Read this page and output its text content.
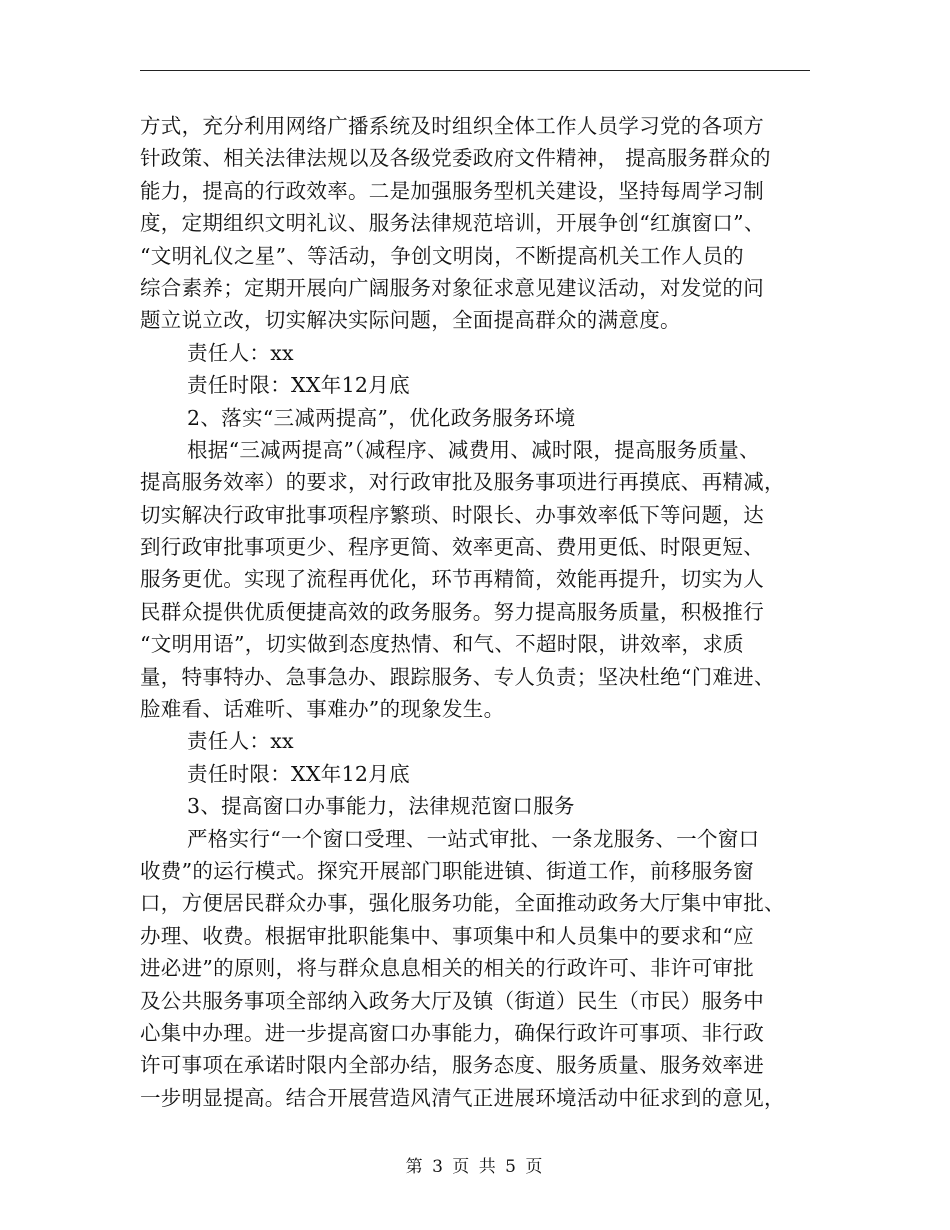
方式，充分利用网络广播系统及时组织全体工作人员学习党的各项方
针政策、相关法律法规以及各级党委政府文件精神， 提高服务群众的
能力，提高的行政效率。二是加强服务型机关建设，坚持每周学习制
度，定期组织文明礼议、服务法律规范培训，开展争创“红旗窗口”、
“文明礼仪之星”、等活动，争创文明岗，不断提高机关工作人员的
综合素养；定期开展向广阔服务对象征求意见建议活动，对发觉的问
题立说立改，切实解决实际问题，全面提高群众的满意度。
责任人：xx
责任时限：XX年12月底
2、落实“三减两提高”，优化政务服务环境
根据“三减两提高”（减程序、减费用、减时限，提高服务质量、
提高服务效率）的要求，对行政审批及服务事项进行再摸底、再精减，
切实解决行政审批事项程序繁琐、时限长、办事效率低下等问题，达
到行政审批事项更少、程序更简、效率更高、费用更低、时限更短、
服务更优。实现了流程再优化，环节再精简，效能再提升，切实为人
民群众提供优质便捷高效的政务服务。努力提高服务质量，积极推行
“文明用语”，切实做到态度热情、和气、不超时限，讲效率，求质
量，特事特办、急事急办、跟踪服务、专人负责；坚决杜绝“门难进、
脸难看、话难听、事难办”的现象发生。
责任人：xx
责任时限：XX年12月底
3、提高窗口办事能力，法律规范窗口服务
严格实行“一个窗口受理、一站式审批、一条龙服务、一个窗口
收费”的运行模式。探究开展部门职能进镇、街道工作，前移服务窗
口，方便居民群众办事，强化服务功能，全面推动政务大厅集中审批、
办理、收费。根据审批职能集中、事项集中和人员集中的要求和“应
进必进”的原则，将与群众息息相关的相关的行政许可、非许可审批
及公共服务事项全部纳入政务大厅及镇（街道）民生（市民）服务中
心集中办理。进一步提高窗口办事能力，确保行政许可事项、非行政
许可事项在承诺时限内全部办结，服务态度、服务质量、服务效率进
一步明显提高。结合开展营造风清气正进展环境活动中征求到的意见，
第 3 页 共 5 页
